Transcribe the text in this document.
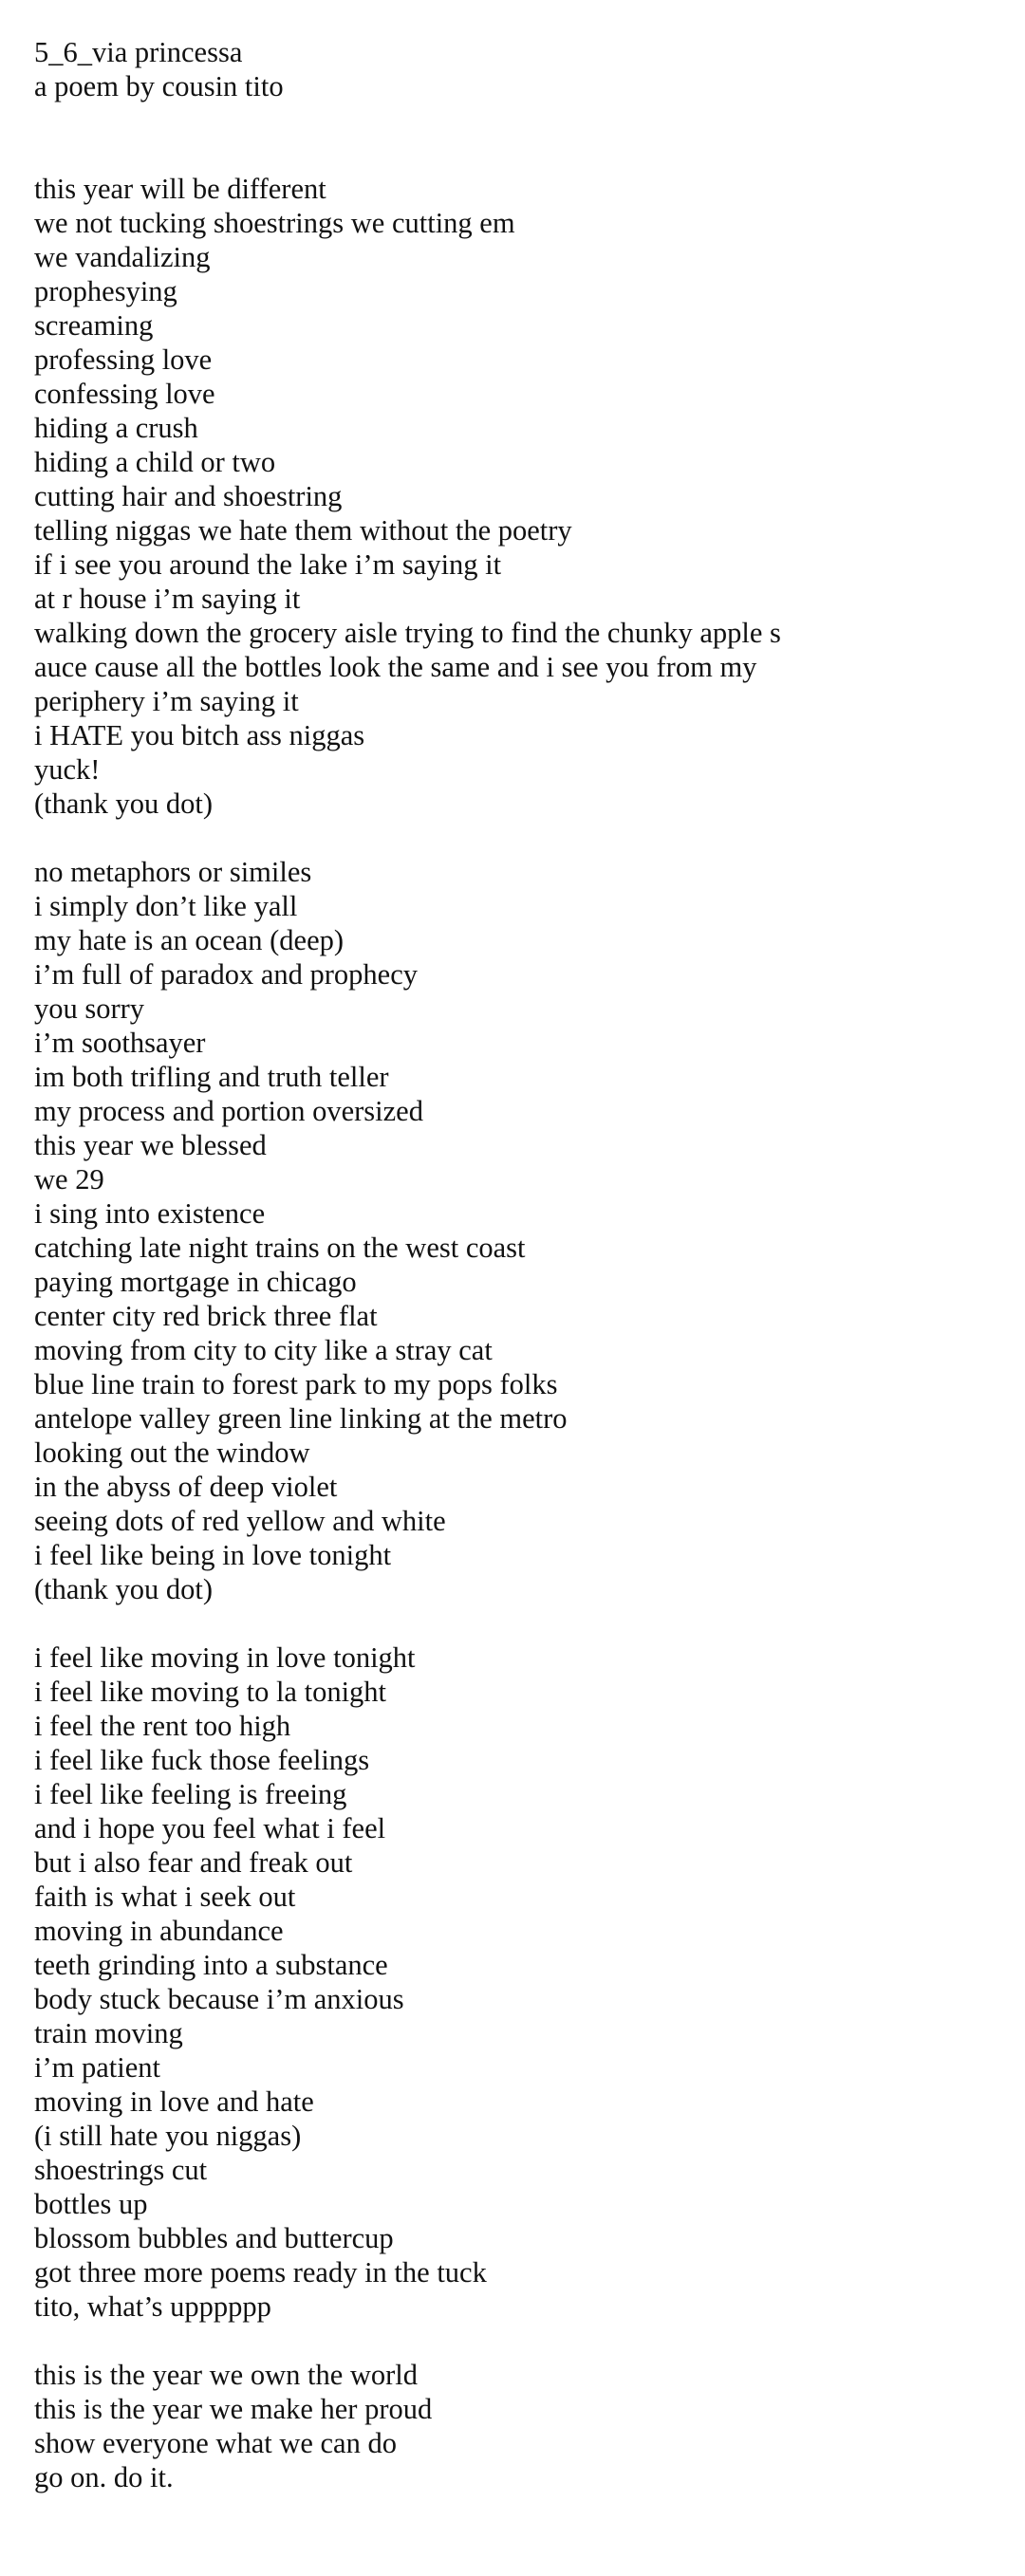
5_6_via princessa
a poem by cousin tito
this year will be different
we not tucking shoestrings we cutting em
we vandalizing
prophesying
screaming
professing love
confessing love
hiding a crush
hiding a child or two
cutting hair and shoestring
telling niggas we hate them without the poetry
if i see you around the lake i’m saying it
at r house i’m saying it
walking down the grocery aisle trying to find the chunky apple s
auce cause all the bottles look the same and i see you from my
periphery i’m saying it
i HATE you bitch ass niggas
yuck!
(thank you dot)
no metaphors or similes
i simply don’t like yall
my hate is an ocean (deep)
i’m full of paradox and prophecy
you sorry
i’m soothsayer
im both trifling and truth teller
my process and portion oversized
this year we blessed
we 29
i sing into existence
catching late night trains on the west coast
paying mortgage in chicago
center city red brick three flat
moving from city to city like a stray cat
blue line train to forest park to my pops folks
antelope valley green line linking at the metro
looking out the window
in the abyss of deep violet
seeing dots of red yellow and white
i feel like being in love tonight
(thank you dot)
i feel like moving in love tonight
i feel like moving to la tonight
i feel the rent too high
i feel like fuck those feelings
i feel like feeling is freeing
and i hope you feel what i feel
but i also fear and freak out
faith is what i seek out
moving in abundance
teeth grinding into a substance
body stuck because i’m anxious
train moving
i’m patient
moving in love and hate
(i still hate you niggas)
shoestrings cut
bottles up
blossom bubbles and buttercup
got three more poems ready in the tuck
tito, what’s upppppp
this is the year we own the world
this is the year we make her proud
show everyone what we can do
go on. do it.
